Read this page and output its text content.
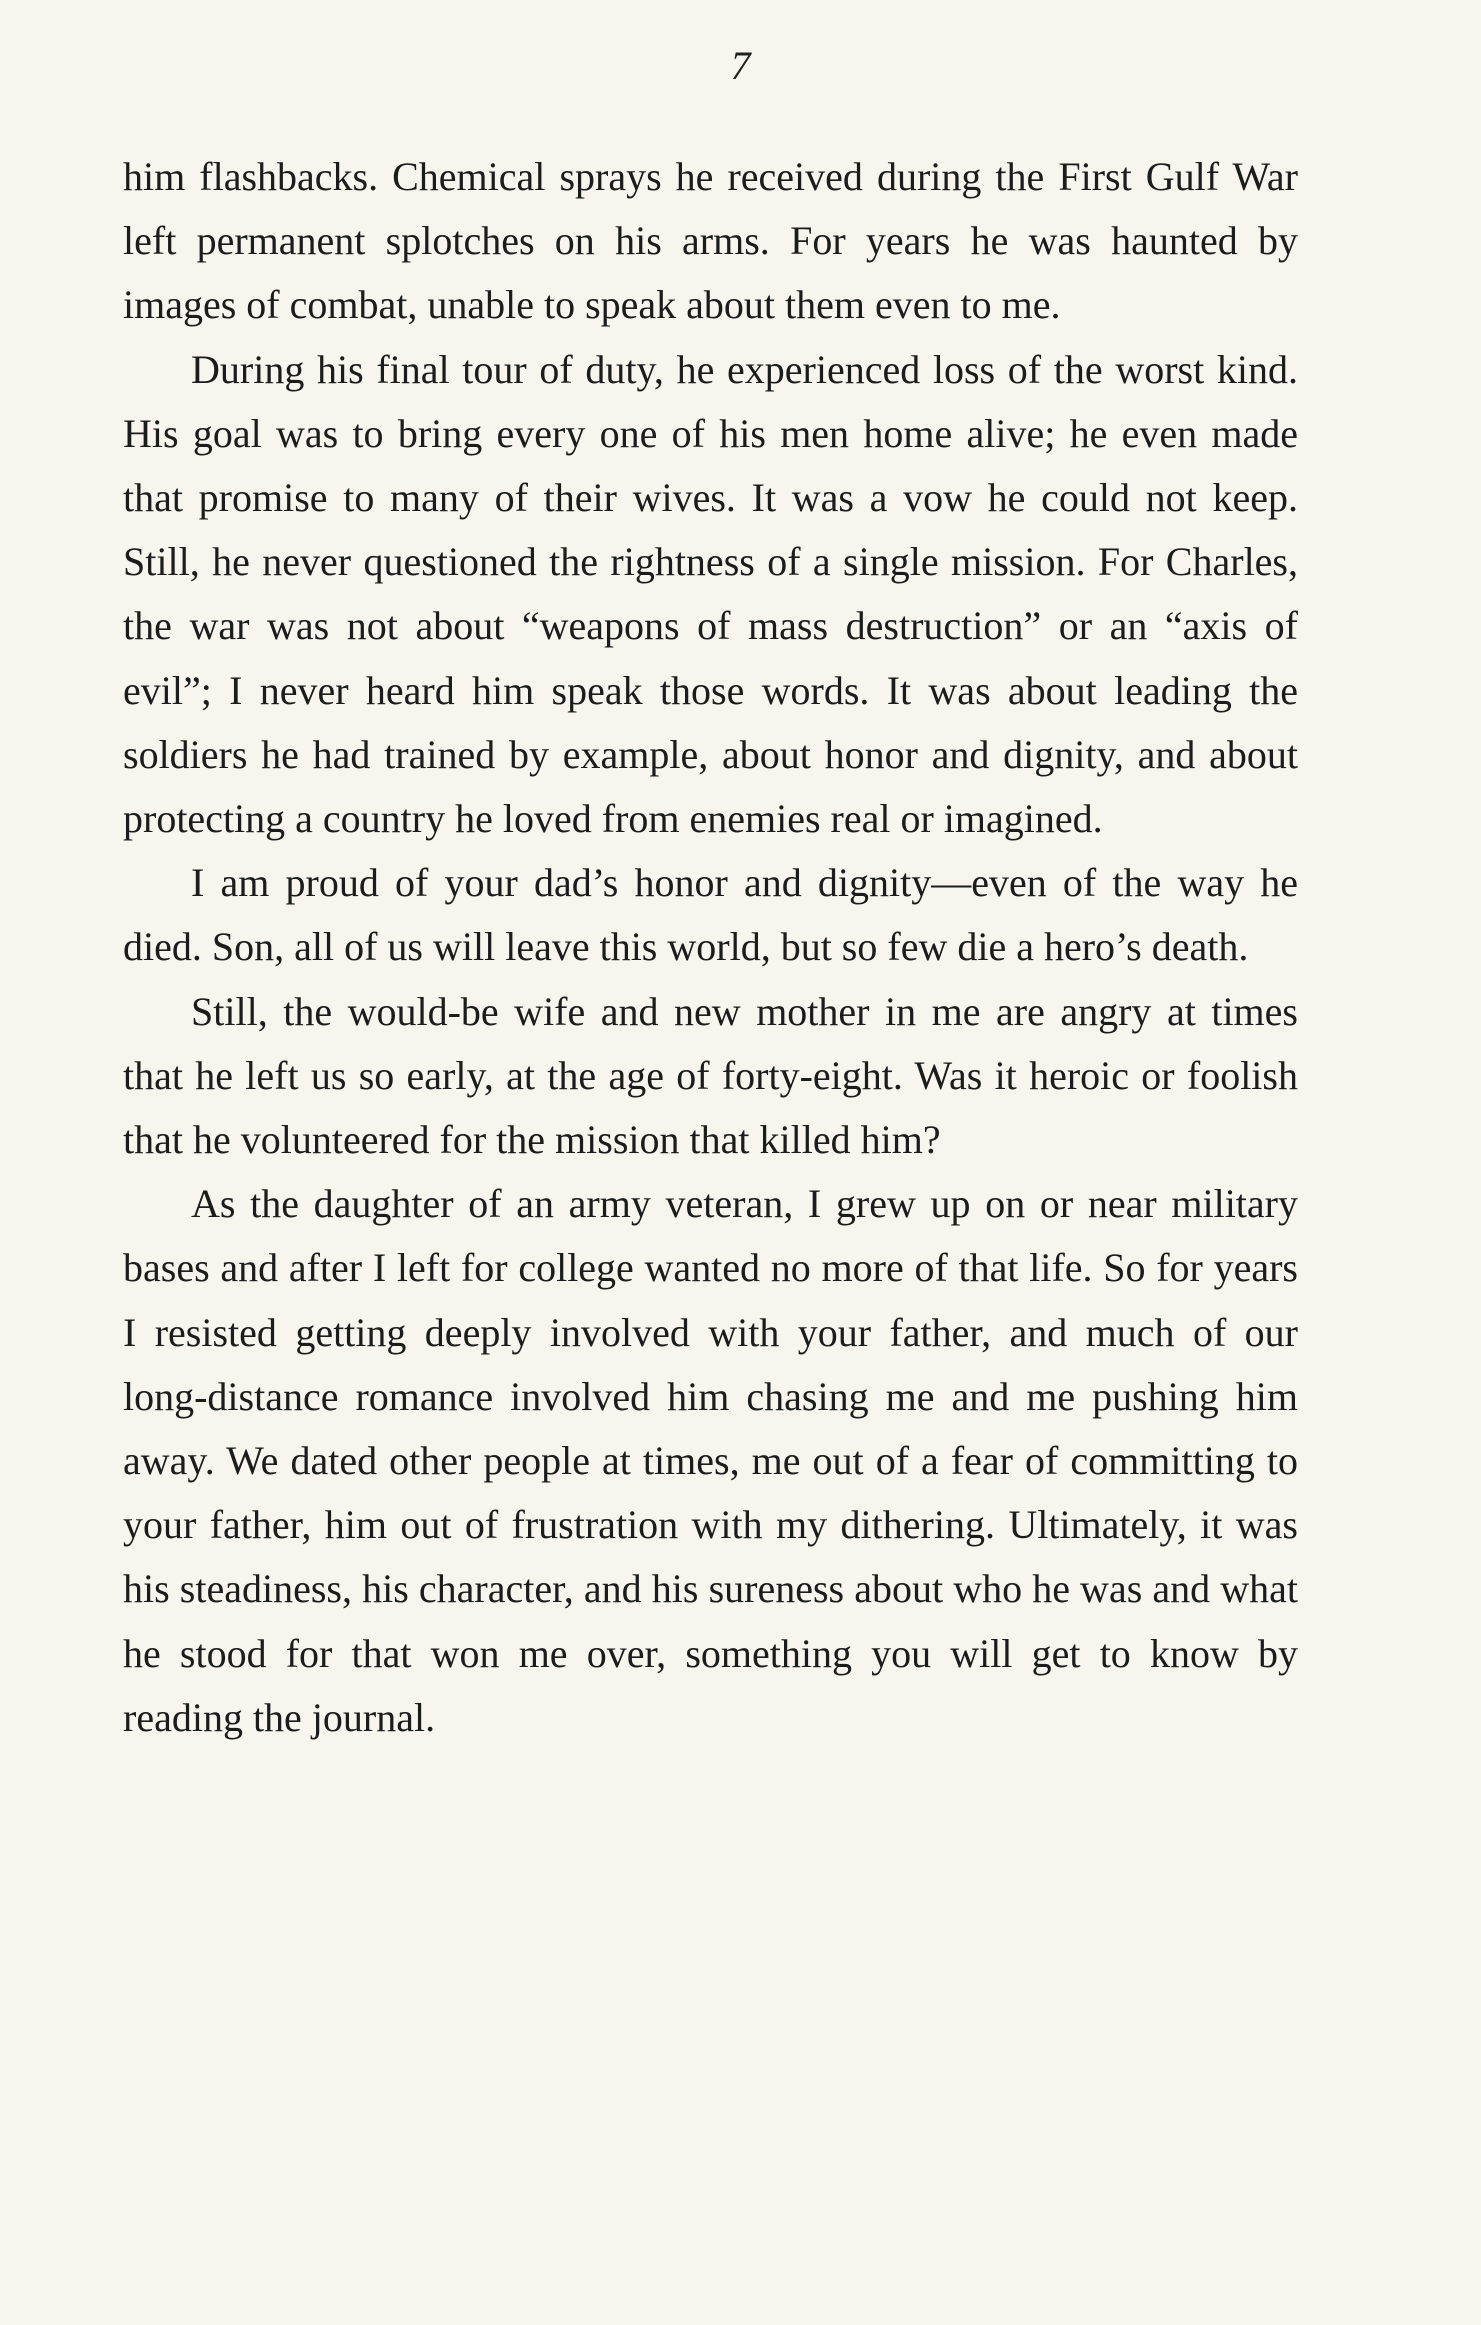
7

him flashbacks. Chemical sprays he received during the First Gulf War left permanent splotches on his arms. For years he was haunted by images of combat, unable to speak about them even to me.

During his final tour of duty, he experienced loss of the worst kind. His goal was to bring every one of his men home alive; he even made that promise to many of their wives. It was a vow he could not keep. Still, he never questioned the rightness of a single mission. For Charles, the war was not about “weapons of mass destruction” or an “axis of evil”; I never heard him speak those words. It was about leading the soldiers he had trained by example, about honor and dignity, and about protecting a country he loved from enemies real or imagined.

I am proud of your dad’s honor and dignity—even of the way he died. Son, all of us will leave this world, but so few die a hero’s death.

Still, the would-be wife and new mother in me are angry at times that he left us so early, at the age of forty-eight. Was it heroic or foolish that he volunteered for the mission that killed him?

As the daughter of an army veteran, I grew up on or near military bases and after I left for college wanted no more of that life. So for years I resisted getting deeply involved with your father, and much of our long-distance romance involved him chasing me and me pushing him away. We dated other people at times, me out of a fear of committing to your father, him out of frustration with my dithering. Ultimately, it was his steadiness, his character, and his sureness about who he was and what he stood for that won me over, something you will get to know by reading the journal.
